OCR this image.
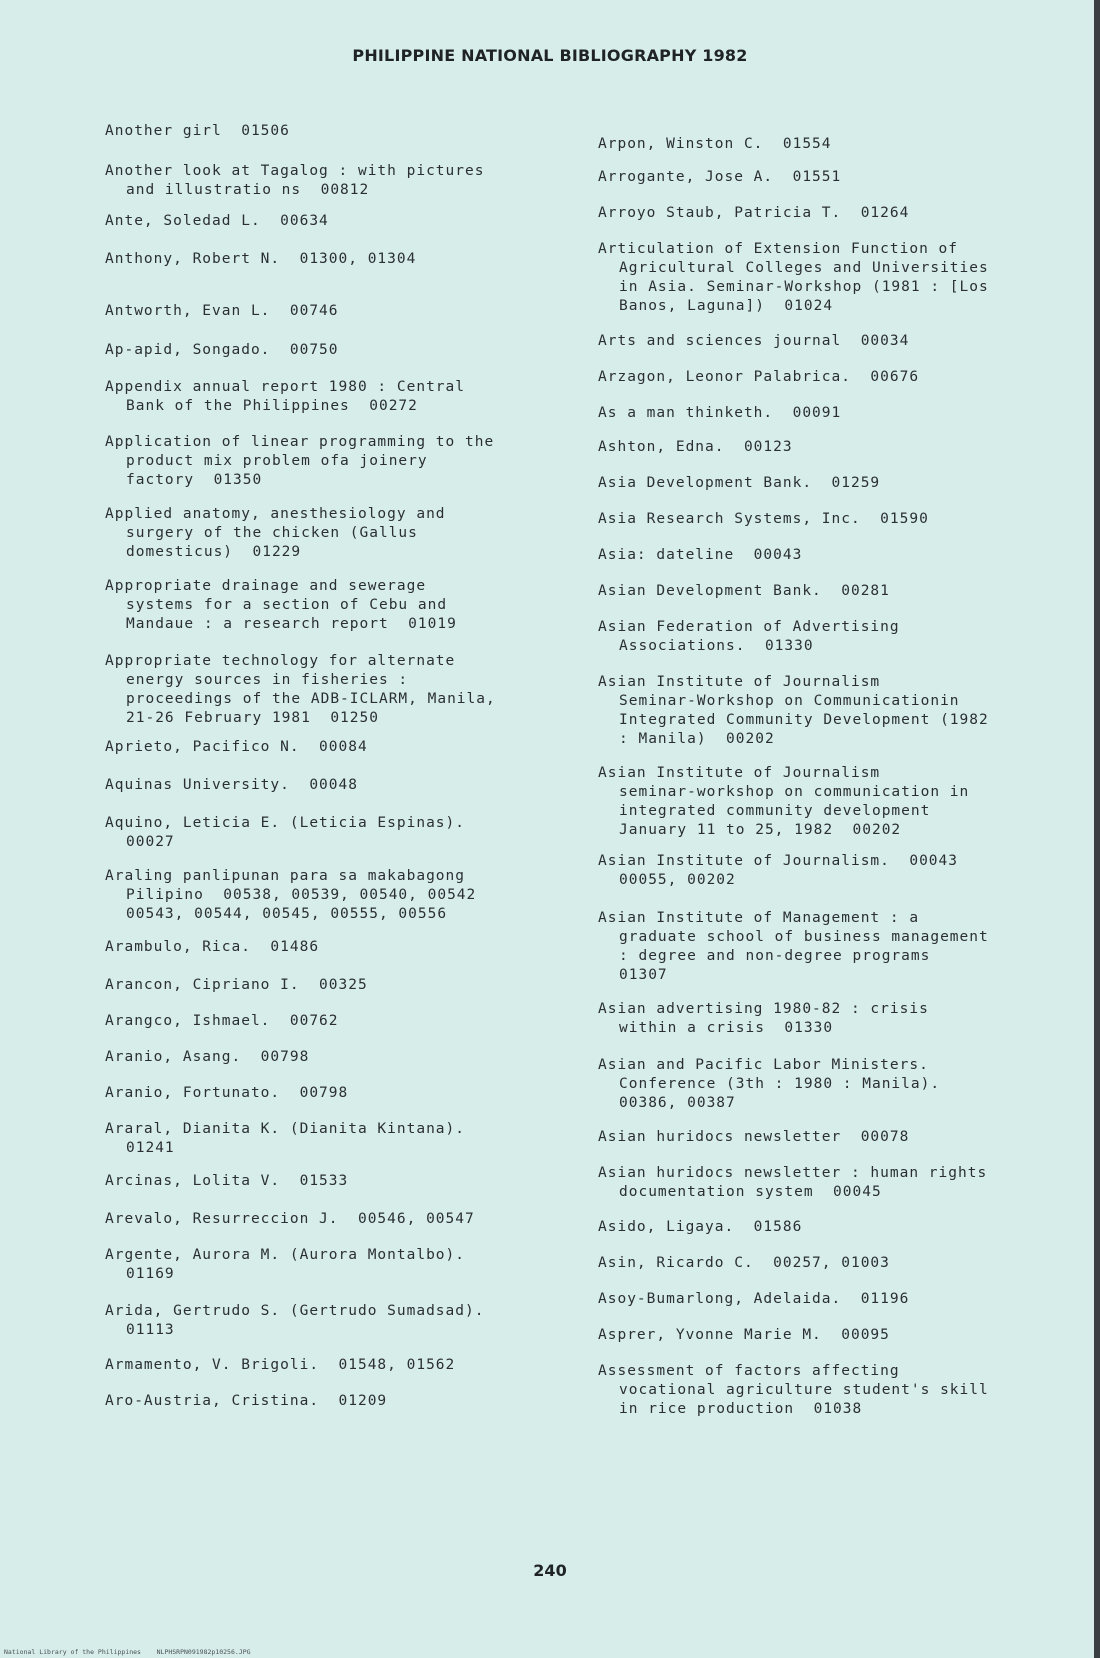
PHILIPPINE NATIONAL BIBLIOGRAPHY 1982
Another girl  01506
Another look at Tagalog : with pictures
and illustratio ns  00812
Ante, Soledad L.  00634
Anthony, Robert N.  01300, 01304
Antworth, Evan L.  00746
Ap-apid, Songado.  00750
Appendix annual report 1980 : Central
Bank of the Philippines  00272
Application of linear programming to the
product mix problem ofa joinery
factory  01350
Applied anatomy, anesthesiology and
surgery of the chicken (Gallus
domesticus)  01229
Appropriate drainage and sewerage
systems for a section of Cebu and
Mandaue : a research report  01019
Appropriate technology for alternate
energy sources in fisheries :
proceedings of the ADB-ICLARM, Manila,
21-26 February 1981  01250
Aprieto, Pacifico N.  00084
Aquinas University.  00048
Aquino, Leticia E. (Leticia Espinas).
00027
Araling panlipunan para sa makabagong
Pilipino  00538, 00539, 00540, 00542
00543, 00544, 00545, 00555, 00556
Arambulo, Rica.  01486
Arancon, Cipriano I.  00325
Arangco, Ishmael.  00762
Aranio, Asang.  00798
Aranio, Fortunato.  00798
Araral, Dianita K. (Dianita Kintana).
01241
Arcinas, Lolita V.  01533
Arevalo, Resurreccion J.  00546, 00547
Argente, Aurora M. (Aurora Montalbo).
01169
Arida, Gertrudo S. (Gertrudo Sumadsad).
01113
Armamento, V. Brigoli.  01548, 01562
Aro-Austria, Cristina.  01209
Arpon, Winston C.  01554
Arrogante, Jose A.  01551
Arroyo Staub, Patricia T.  01264
Articulation of Extension Function of
Agricultural Colleges and Universities
in Asia. Seminar-Workshop (1981 : [Los
Banos, Laguna])  01024
Arts and sciences journal  00034
Arzagon, Leonor Palabrica.  00676
As a man thinketh.  00091
Ashton, Edna.  00123
Asia Development Bank.  01259
Asia Research Systems, Inc.  01590
Asia: dateline  00043
Asian Development Bank.  00281
Asian Federation of Advertising
Associations.  01330
Asian Institute of Journalism
Seminar-Workshop on Communicationin
Integrated Community Development (1982
: Manila)  00202
Asian Institute of Journalism
seminar-workshop on communication in
integrated community development
January 11 to 25, 1982  00202
Asian Institute of Journalism.  00043
00055, 00202
Asian Institute of Management : a
graduate school of business management
: degree and non-degree programs
01307
Asian advertising 1980-82 : crisis
within a crisis  01330
Asian and Pacific Labor Ministers.
Conference (3th : 1980 : Manila).
00386, 00387
Asian huridocs newsletter  00078
Asian huridocs newsletter : human rights
documentation system  00045
Asido, Ligaya.  01586
Asin, Ricardo C.  00257, 01003
Asoy-Bumarlong, Adelaida.  01196
Asprer, Yvonne Marie M.  00095
Assessment of factors affecting
vocational agriculture student's skill
in rice production  01038
240
National Library of the Philippines    NLPHSRPN091982p10256.JPG
